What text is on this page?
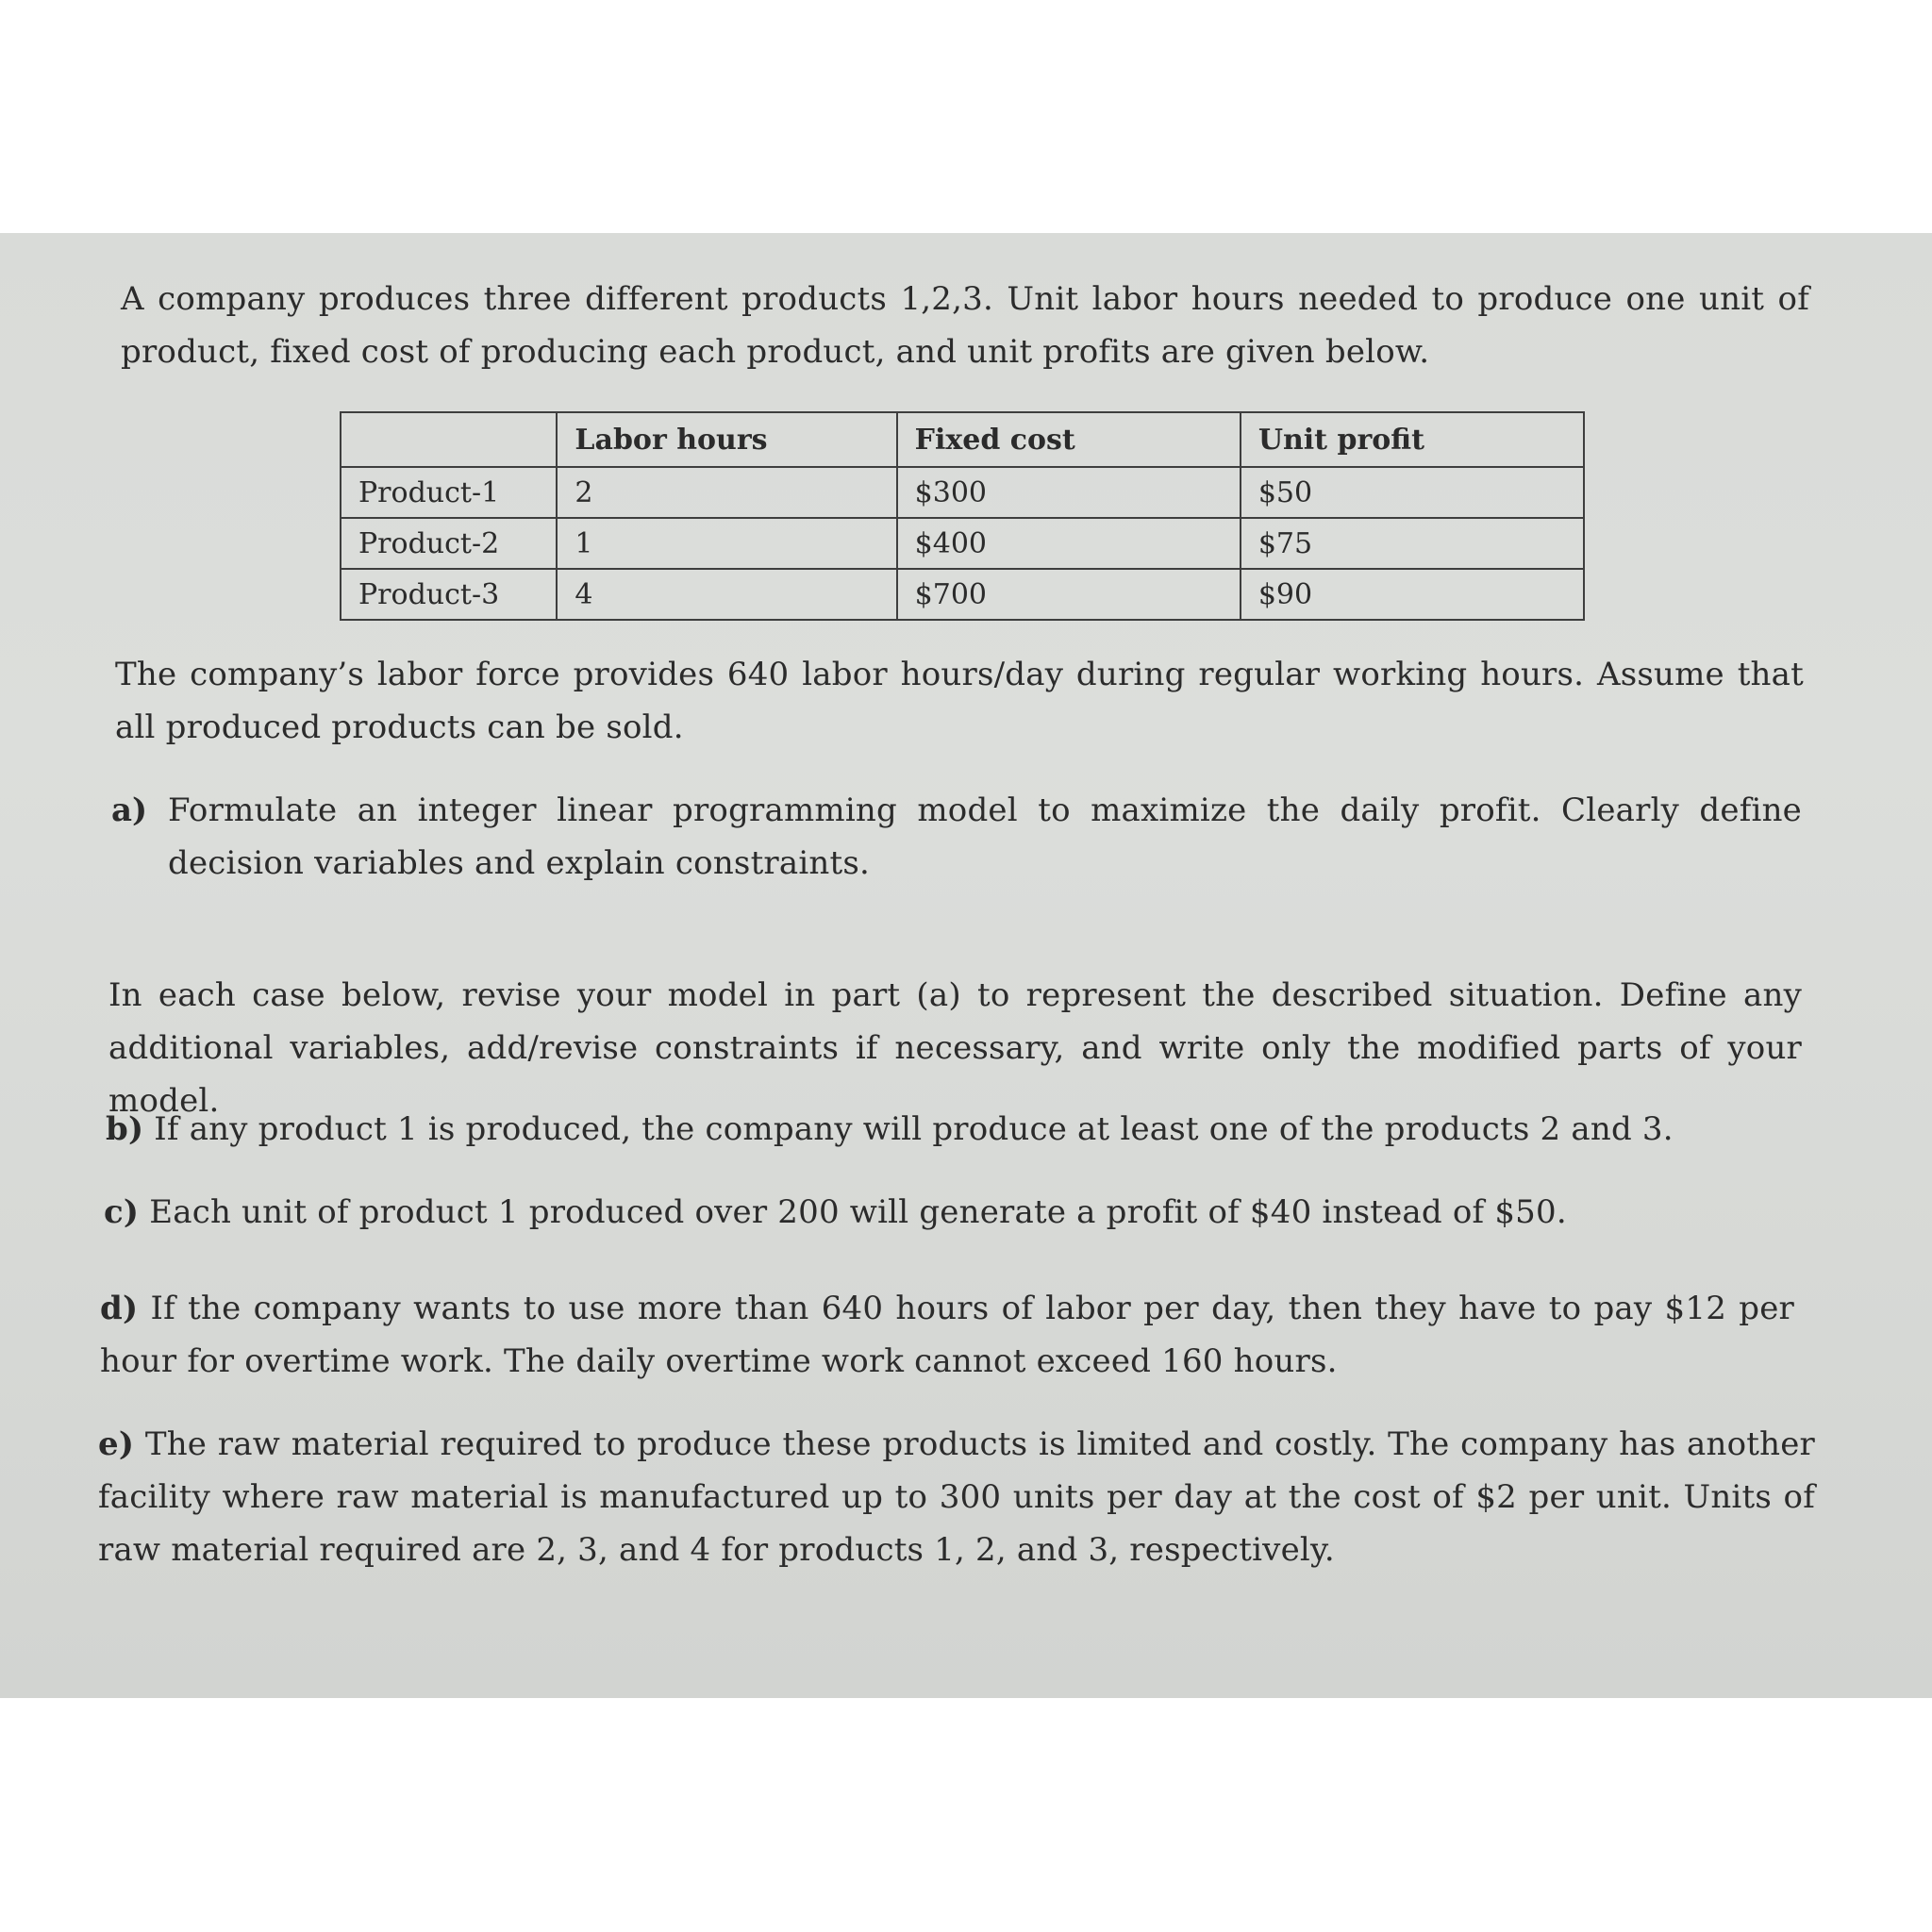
A company produces three different products 1,2,3. Unit labor hours needed to produce one unit of product, fixed cost of producing each product, and unit profits are given below.

	Labor hours	Fixed cost	Unit profit
Product-1	2	$300	$50
Product-2	1	$400	$75
Product-3	4	$700	$90

The company’s labor force provides 640 labor hours/day during regular working hours. Assume that all produced products can be sold.

a) Formulate an integer linear programming model to maximize the daily profit. Clearly define decision variables and explain constraints.

In each case below, revise your model in part (a) to represent the described situation. Define any additional variables, add/revise constraints if necessary, and write only the modified parts of your model.

b) If any product 1 is produced, the company will produce at least one of the products 2 and 3.

c) Each unit of product 1 produced over 200 will generate a profit of $40 instead of $50.

d) If the company wants to use more than 640 hours of labor per day, then they have to pay $12 per hour for overtime work. The daily overtime work cannot exceed 160 hours.

e) The raw material required to produce these products is limited and costly. The company has another facility where raw material is manufactured up to 300 units per day at the cost of $2 per unit. Units of raw material required are 2, 3, and 4 for products 1, 2, and 3, respectively.
